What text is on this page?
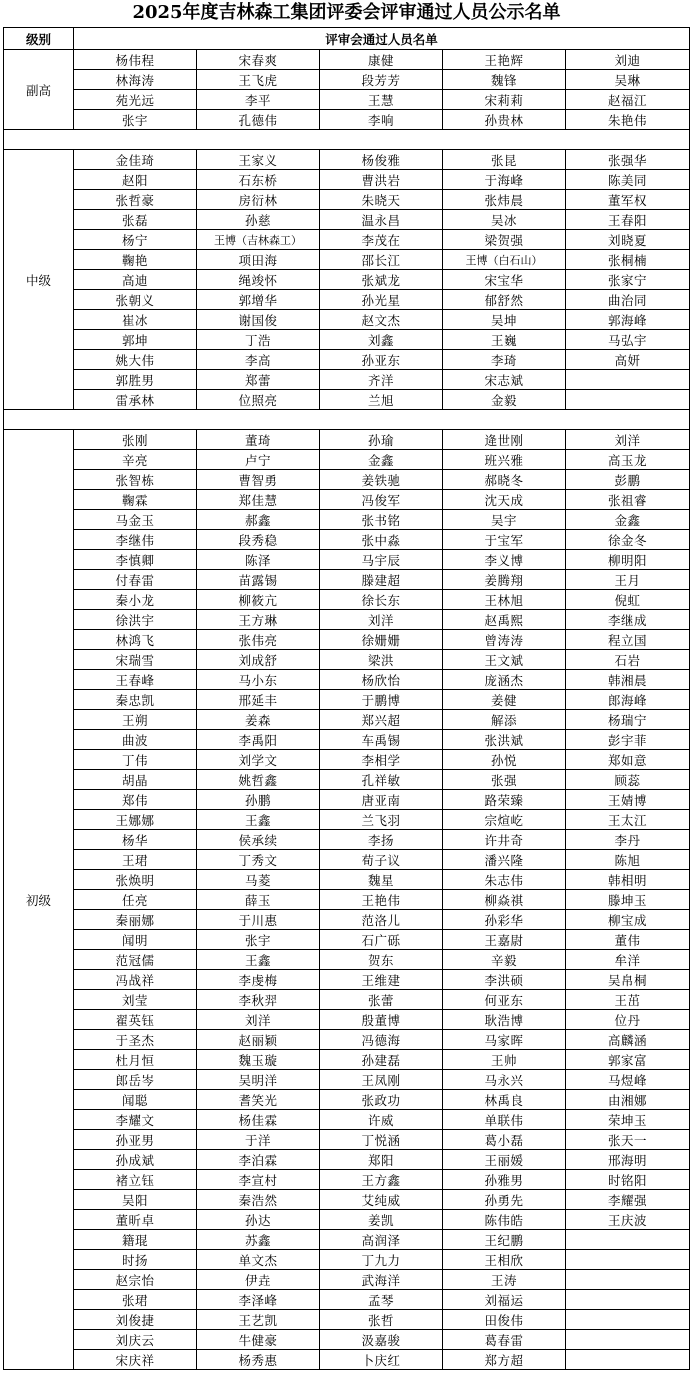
2025年度吉林森工集团评委会评审通过人员公示名单
级别	评审会通过人员名单				
副高	杨伟程	宋春爽	康健	王艳辉	刘迪
	林海涛	王飞虎	段芳芳	魏锋	吴琳
	苑光远	李平	王慧	宋莉莉	赵福江
	张宇	孔德伟	李响	孙贵林	朱艳伟

中级	金佳琦	王家义	杨俊雅	张昆	张强华
	赵阳	石东桥	曹洪岩	于海峰	陈美同
	张哲豪	房衍林	朱晓天	张炜晨	董军权
	张磊	孙慈	温永昌	吴冰	王春阳
	杨宁	王博（吉林森工）	李茂在	梁贺强	刘晓夏
	鞠艳	项田海	邵长江	王博（白石山）	张桐楠
	高迪	绳竣怀	张斌龙	宋宝华	张家宁
	张朝义	郭增华	孙光星	郁舒然	曲治同
	崔冰	谢国俊	赵文杰	吴坤	郭海峰
	郭坤	丁浩	刘鑫	王巍	马弘宇
	姚大伟	李高	孙亚东	李琦	高妍
	郭胜男	郑蕾	齐洋	宋志斌	
	雷承林	位照亮	兰旭	金毅	

初级	张刚	董琦	孙瑜	逄世刚	刘洋
	辛亮	卢宁	金鑫	班兴雅	高玉龙
	张智栋	曹智勇	姜铁驰	郝晓冬	彭鹏
	鞠霖	郑佳慧	冯俊军	沈天成	张祖睿
	马金玉	郝鑫	张书铭	吴宇	金鑫
	李继伟	段秀稳	张中淼	于宝军	徐金冬
	李慎卿	陈泽	马宇辰	李义博	柳明阳
	付春雷	苗露锡	滕建超	姜腾翔	王月
	秦小龙	柳筱亢	徐长东	王林旭	倪虹
	徐洪宇	王方琳	刘洋	赵禹熙	李继成
	林鸿飞	张伟亮	徐姗姗	曾涛涛	程立国
	宋瑞雪	刘成舒	梁洪	王文斌	石岩
	王春峰	马小东	杨欣怡	庞涵杰	韩湘晨
	秦忠凯	邢延丰	于鹏博	姜健	郎海峰
	王朔	姜森	郑兴超	解添	杨瑞宁
	曲波	李禹阳	车禹锡	张洪斌	彭宇菲
	丁伟	刘学文	李相学	孙悦	郑如意
	胡晶	姚哲鑫	孔祥敏	张强	顾蕊
	郑伟	孙鹏	唐亚南	路荣臻	王婧博
	王娜娜	王鑫	兰飞羽	宗煊屹	王太江
	杨华	侯承续	李扬	许井奇	李丹
	王珺	丁秀文	荀子议	潘兴隆	陈旭
	张焕明	马菱	魏星	朱志伟	韩相明
	任亮	薛玉	王艳伟	柳焱祺	滕坤玉
	秦丽娜	于川惠	范洛儿	孙彩华	柳宝成
	闻明	张宇	石广砾	王嘉尉	董伟
	范冠儒	王鑫	贺东	辛毅	牟洋
	冯战祥	李虔梅	王维建	李洪硕	吴帛桐
	刘莹	李秋羿	张蕾	何亚东	王茁
	翟英钰	刘洋	殷董博	耿浩博	位丹
	于圣杰	赵丽颖	冯德海	马家晖	高麟涵
	杜月恒	魏玉璇	孙建磊	王帅	郭家富
	郎岳岑	吴明洋	王凤刚	马永兴	马煜峰
	闻聪	耆笑光	张政功	林禹良	由湘娜
	李耀文	杨佳霖	许威	单联伟	荣坤玉
	孙亚男	于洋	丁悦涵	葛小磊	张天一
	孙成斌	李泊霖	郑阳	王丽媛	邢海明
	褚立钰	李宣村	王方鑫	孙雅男	时铭阳
	吴阳	秦浩然	艾纯威	孙勇先	李耀强
	董昕卓	孙达	姜凯	陈伟皓	王庆波
	籍琨	苏鑫	高润泽	王纪鹏	
	时扬	单文杰	丁九力	王相欣	
	赵宗怡	伊垚	武海洋	王涛	
	张珺	李泽峰	孟琴	刘福运	
	刘俊捷	王艺凯	张哲	田俊伟	
	刘庆云	牛健豪	汲嘉骏	葛春雷	
	宋庆祥	杨秀惠	卜庆红	郑方超	
